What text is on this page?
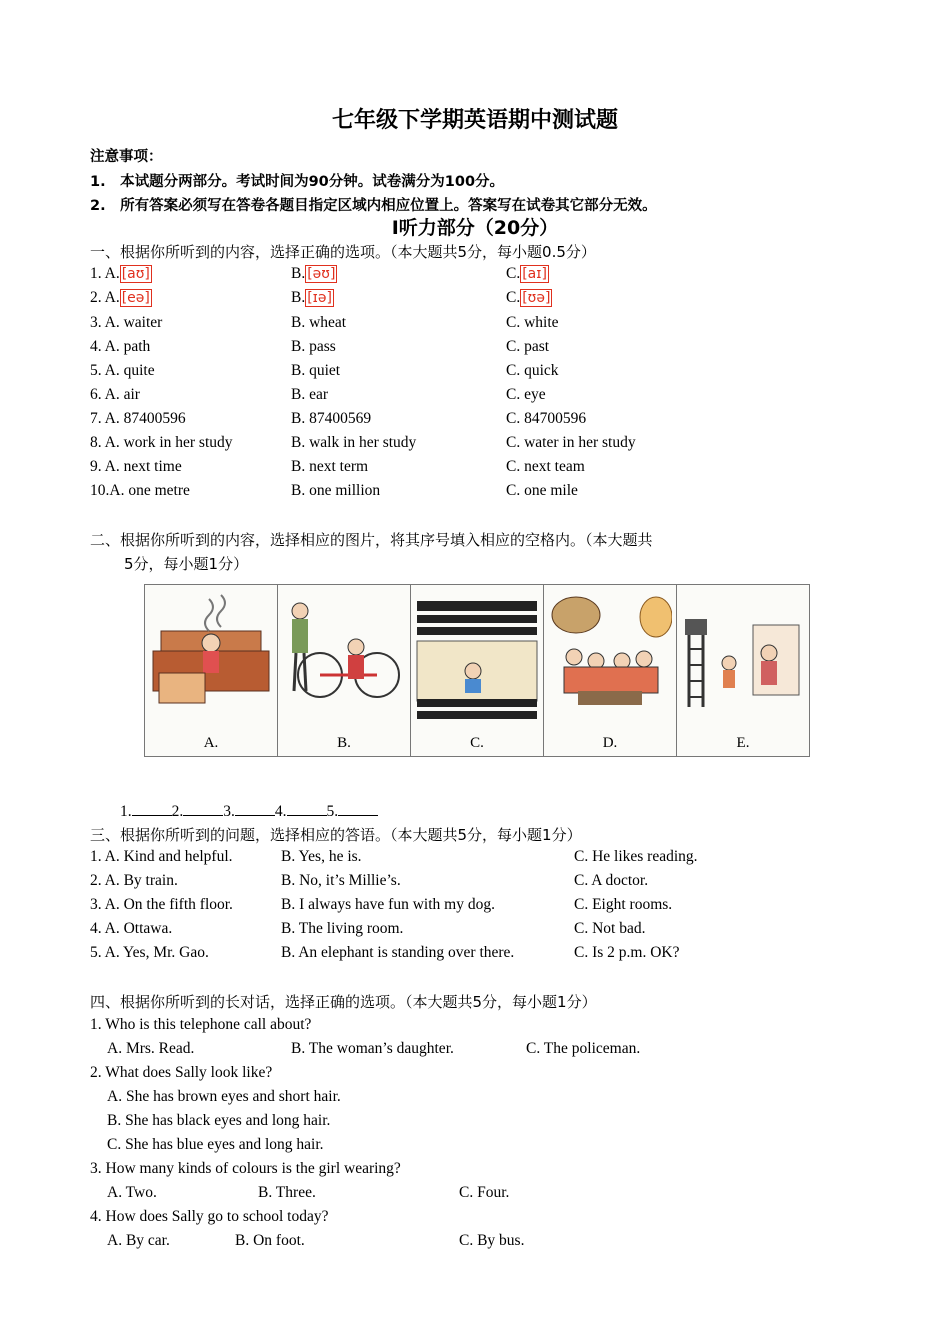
七年级下学期英语期中测试题
注意事项：
1.　本试题分两部分。考试时间为90分钟。试卷满分为100分。
2.　所有答案必须写在答卷各题目指定区域内相应位置上。答案写在试卷其它部分无效。
I听力部分（20分）
一、根据你所听到的内容，选择正确的选项。（本大题共5分，每小题0.5分）
1. A. [aʊ]	B. [əʊ]	C. [aɪ]
2. A. [eə]	B. [ɪə]	C. [ʊə]
3. A. waiter	B. wheat	C. white
4. A. path	B. pass	C. past
5. A. quite	B. quiet	C. quick
6. A. air	B. ear	C. eye
7. A. 87400596	B. 87400569	C. 84700596
8. A. work in her study	B. walk in her study	C. water in her study
9. A. next time	B. next term	C. next team
10.A. one metre	B. one million	C. one mile
二、根据你所听到的内容，选择相应的图片，将其序号填入相应的空格内。（本大题共
5分，每小题1分）
A.	B.	C.	D.	E.
1.	2.	3.	4.	5.
三、根据你所听到的问题，选择相应的答语。（本大题共5分，每小题1分）
1. A. Kind and helpful.	B. Yes, he is.	C. He likes reading.
2. A. By train.	B. No, it’s Millie’s.	C. A doctor.
3. A. On the fifth floor.	B. I always have fun with my dog.	C. Eight rooms.
4. A. Ottawa.	B. The living room.	C. Not bad.
5. A. Yes, Mr. Gao.	B. An elephant is standing over there.	C. Is 2 p.m. OK?
四、根据你所听到的长对话，选择正确的选项。（本大题共5分，每小题1分）
1. Who is this telephone call about?
A. Mrs. Read.	B. The woman’s daughter.	C. The policeman.
2. What does Sally look like?
A. She has brown eyes and short hair.
B. She has black eyes and long hair.
C. She has blue eyes and long hair.
3. How many kinds of colours is the girl wearing?
A. Two.	B. Three.	C. Four.
4. How does Sally go to school today?
A. By car.	B. On foot.	C. By bus.
